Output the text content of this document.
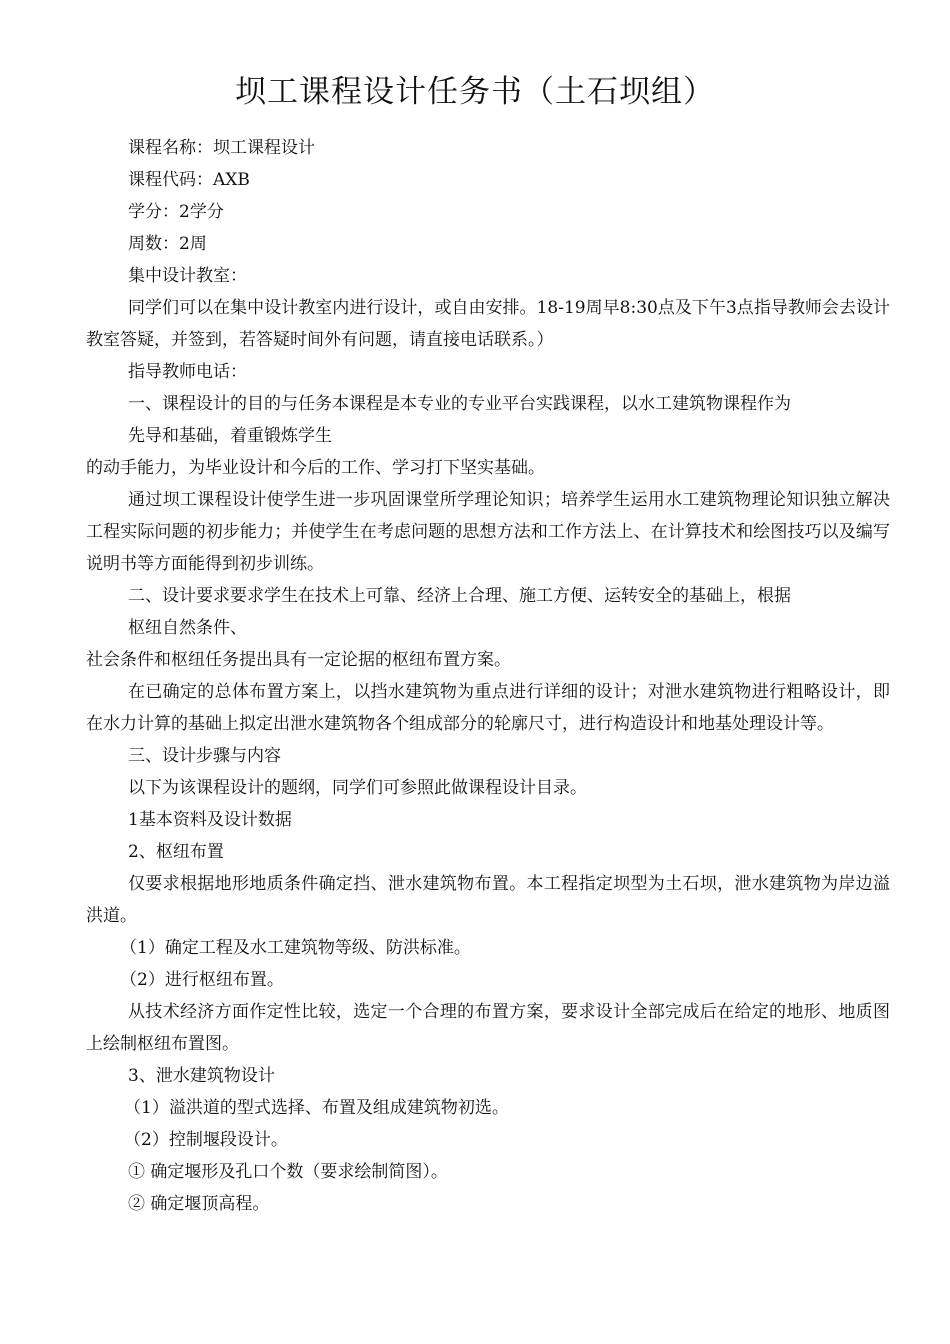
坝工课程设计任务书（土石坝组）

课程名称：坝工课程设计

课程代码：AXB

学分：2学分

周数：2周

集中设计教室：

同学们可以在集中设计教室内进行设计，或自由安排。18-19周早8:30点及下午3点指导教师会去设计教室答疑，并签到，若答疑时间外有问题，请直接电话联系。）

指导教师电话：

一、课程设计的目的与任务本课程是本专业的专业平台实践课程，以水工建筑物课程作为

先导和基础，着重锻炼学生

的动手能力，为毕业设计和今后的工作、学习打下坚实基础。

通过坝工课程设计使学生进一步巩固课堂所学理论知识；培养学生运用水工建筑物理论知识独立解决工程实际问题的初步能力；并使学生在考虑问题的思想方法和工作方法上、在计算技术和绘图技巧以及编写说明书等方面能得到初步训练。

二、设计要求要求学生在技术上可靠、经济上合理、施工方便、运转安全的基础上，根据

枢纽自然条件、

社会条件和枢纽任务提出具有一定论据的枢纽布置方案。

在已确定的总体布置方案上，以挡水建筑物为重点进行详细的设计；对泄水建筑物进行粗略设计，即在水力计算的基础上拟定出泄水建筑物各个组成部分的轮廓尺寸，进行构造设计和地基处理设计等。

三、设计步骤与内容

以下为该课程设计的题纲，同学们可参照此做课程设计目录。

1基本资料及设计数据

2、枢纽布置

仅要求根据地形地质条件确定挡、泄水建筑物布置。本工程指定坝型为土石坝，泄水建筑物为岸边溢洪道。

（1）确定工程及水工建筑物等级、防洪标准。

（2）进行枢纽布置。

从技术经济方面作定性比较，选定一个合理的布置方案，要求设计全部完成后在给定的地形、地质图上绘制枢纽布置图。

3、泄水建筑物设计

（1）溢洪道的型式选择、布置及组成建筑物初选。

（2）控制堰段设计。

① 确定堰形及孔口个数（要求绘制简图）。

② 确定堰顶高程。
